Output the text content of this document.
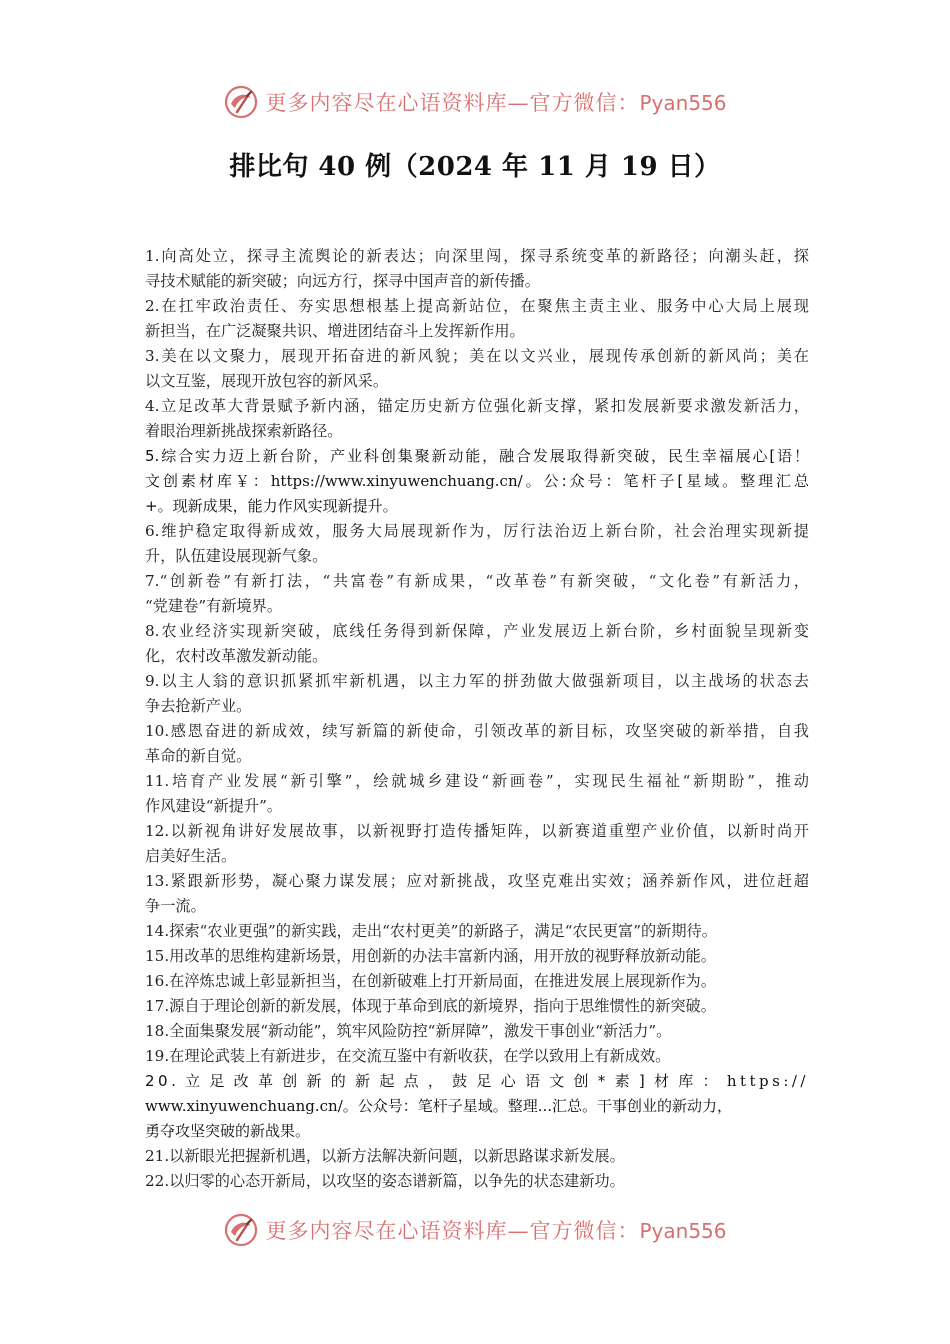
更多内容尽在心语资料库—官方微信：Pyan556
排比句 40 例（2024 年 11 月 19 日）
1.向高处立，探寻主流舆论的新表达；向深里闯，探寻系统变革的新路径；向潮头赶，探
寻技术赋能的新突破；向远方行，探寻中国声音的新传播。
2.在扛牢政治责任、夯实思想根基上提高新站位，在聚焦主责主业、服务中心大局上展现
新担当，在广泛凝聚共识、增进团结奋斗上发挥新作用。
3.美在以文聚力，展现开拓奋进的新风貌；美在以文兴业，展现传承创新的新风尚；美在
以文互鉴，展现开放包容的新风采。
4.立足改革大背景赋予新内涵，锚定历史新方位强化新支撑，紧扣发展新要求激发新活力，
着眼治理新挑战探索新路径。
5.综合实力迈上新台阶，产业科创集聚新动能，融合发展取得新突破，民生幸福展心[语！
文创素材库￥：https://www.xinyuwenchuang.cn/。公:众号：笔杆子[星域。整理汇总
+。现新成果，能力作风实现新提升。
6.维护稳定取得新成效，服务大局展现新作为，厉行法治迈上新台阶，社会治理实现新提
升，队伍建设展现新气象。
7.“创新卷”有新打法，“共富卷”有新成果，“改革卷”有新突破，“文化卷”有新活力，
“党建卷”有新境界。
8.农业经济实现新突破，底线任务得到新保障，产业发展迈上新台阶，乡村面貌呈现新变
化，农村改革激发新动能。
9.以主人翁的意识抓紧抓牢新机遇，以主力军的拼劲做大做强新项目，以主战场的状态去
争去抢新产业。
10.感恩奋进的新成效，续写新篇的新使命，引领改革的新目标，攻坚突破的新举措，自我
革命的新自觉。
11.培育产业发展“新引擎”，绘就城乡建设“新画卷”，实现民生福祉“新期盼”，推动
作风建设“新提升”。
12.以新视角讲好发展故事，以新视野打造传播矩阵，以新赛道重塑产业价值，以新时尚开
启美好生活。
13.紧跟新形势，凝心聚力谋发展；应对新挑战，攻坚克难出实效；涵养新作风，进位赶超
争一流。
14.探索“农业更强”的新实践，走出“农村更美”的新路子，满足“农民更富”的新期待。
15.用改革的思维构建新场景，用创新的办法丰富新内涵，用开放的视野释放新动能。
16.在淬炼忠诚上彰显新担当，在创新破难上打开新局面，在推进发展上展现新作为。
17.源自于理论创新的新发展，体现于革命到底的新境界，指向于思维惯性的新突破。
18.全面集聚发展“新动能”，筑牢风险防控“新屏障”，激发干事创业“新活力”。
19.在理论武装上有新进步，在交流互鉴中有新收获，在学以致用上有新成效。
20.立足改革创新的新起点，鼓足心语文创*素]材库：https://
www.xinyuwenchuang.cn/。公众号：笔杆子星域。整理...汇总。干事创业的新动力，
勇夺攻坚突破的新战果。
21.以新眼光把握新机遇，以新方法解决新问题，以新思路谋求新发展。
22.以归零的心态开新局，以攻坚的姿态谱新篇，以争先的状态建新功。
更多内容尽在心语资料库—官方微信：Pyan556
